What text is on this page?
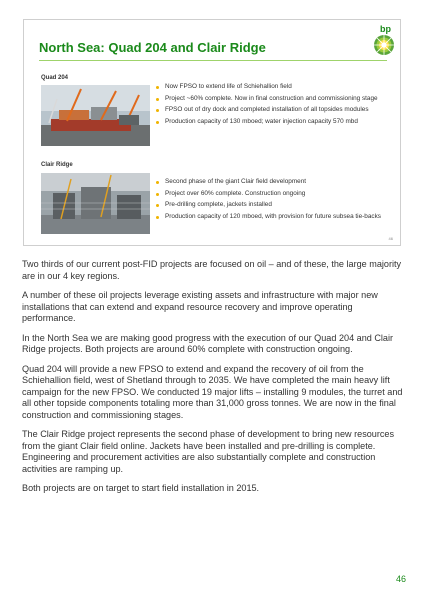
North Sea: Quad 204 and Clair Ridge
bp
Quad 204
Now FPSO to extend life of Schiehallion field
Project ~60% complete. Now in final construction and commissioning stage
FPSO out of dry dock and completed installation of all topsides modules
Production capacity of 130 mboed; water injection capacity 570 mbd
Clair Ridge
Second phase of the giant Clair field development
Project over 60% complete. Construction ongoing
Pre-drilling complete, jackets installed
Production capacity of 120 mboed, with provision for future subsea tie-backs
46

Two thirds of our current post-FID projects are focused on oil – and of these, the large majority are in our 4 key regions.

A number of these oil projects leverage existing assets and infrastructure with major new installations that can extend and expand resource recovery and improve operating performance.

In the North Sea we are making good progress with the execution of our Quad 204 and Clair Ridge projects. Both projects are around 60% complete with construction ongoing.

Quad 204 will provide a new FPSO to extend and expand the recovery of oil from the Schiehallion field, west of Shetland through to 2035. We have completed the main heavy lift campaign for the new FPSO. We conducted 19 major lifts – installing 9 modules, the turret and all other topside components totaling more than 31,000 gross tonnes. We are now in the final construction and commissioning stages.

The Clair Ridge project represents the second phase of development to bring new resources from the giant Clair field online. Jackets have been installed and pre-drilling is complete. Engineering and procurement activities are also substantially complete and construction activities are ramping up.

Both projects are on target to start field installation in 2015.

46
